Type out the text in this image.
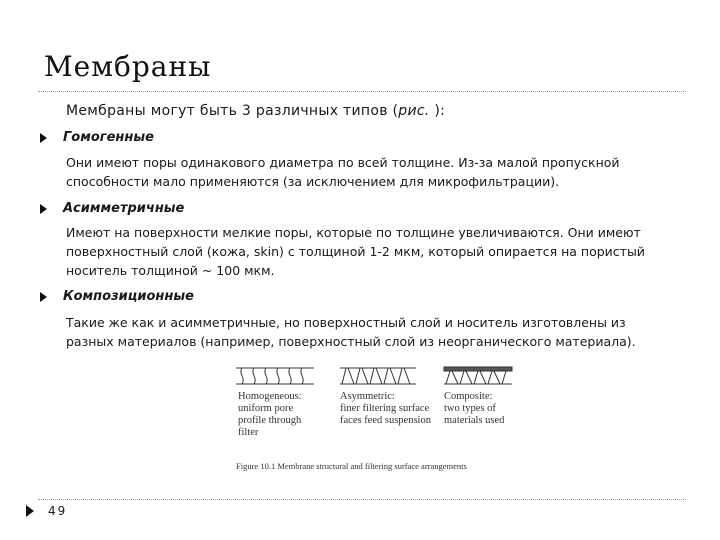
Мембраны
Мембраны могут быть 3 различных типов (рис. ):
Гомогенные
Они имеют поры одинакового диаметра по всей толщине. Из-за малой пропускной
способности мало применяются (за исключением для микрофильтрации).
Асимметричные
Имеют на поверхности мелкие поры, которые по толщине увеличиваются. Они имеют
поверхностный слой (кожа, skin) с толщиной 1-2 мкм, который опирается на пористый
носитель толщиной ~ 100 мкм.
Композиционные
Такие же как и асимметричные, но поверхностный слой и носитель изготовлены из
разных материалов (например, поверхностный слой из неорганического материала).
Homogeneous: uniform pore profile through filter
Asymmetric: finer filtering surface faces feed suspension
Composite: two types of materials used
Figure 10.1 Membrane structural and filtering surface arrangements
49
